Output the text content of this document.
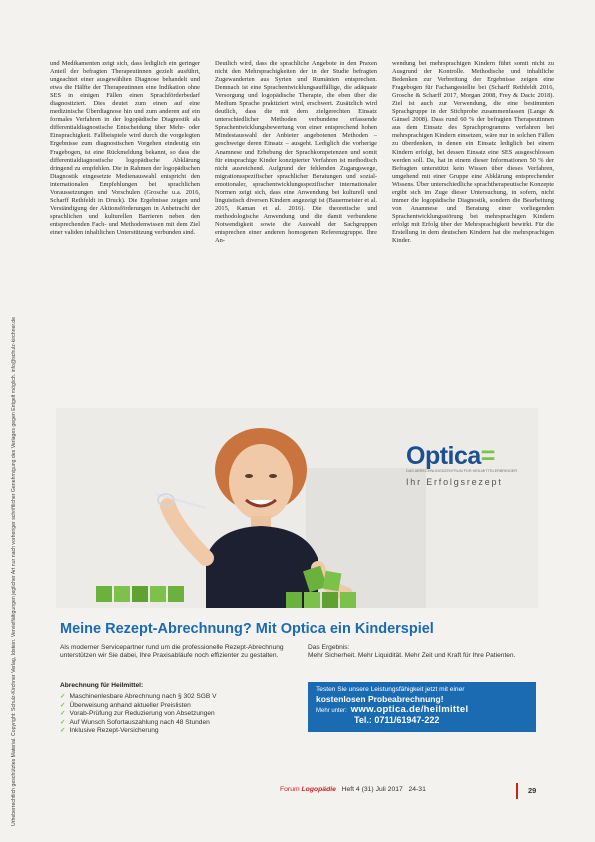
Urheberrechtlich geschütztes Material. Copyright: Schulz-Kirchner Verlag, Idstein. Vervielfältigungen jeglicher Art nur nach vorheriger schriftlicher Genehmigung des Verlages gegen Entgelt möglich. info@schulz-kirchner.de

und Medikamenten zeigt sich, dass lediglich ein geringer Anteil der befragten Therapeutinnen gezielt ausführt, ungeachtet einer ausgewählten Diagnose behandelt und etwa die Hälfte der Therapeutinnen eine Indikation ohne SES in einigen Fällen einen Sprachförderbedarf diagnostiziert. Dies deutet zum einen auf eine medizinische Überdiagnose hin und zum anderen auf ein formales Verfahren in der logopädische Diagnostik als differentialdiagnostische Entscheidung über Mehr- oder Einsprachigkeit. Fallbeispiele wird durch die vorgelegten Ergebnisse zum diagnostischen Vorgehen eindeutig ein Fragebogen, ist eine Rückmeldung bekannt, so dass die differentialdiagnostische logopädische Abklärung dringend zu empfehlen. Die in Rahmen der logopädischen Diagnostik eingesetzte Medienauswahl entspricht den internationalen Empfehlungen bei sprachlichen Voraussetzungen und Vorschulen (Grosche u.a. 2016, Scharff Rethfeldt in Druck). Die Ergebnisse zeigen und Verständigung der Aktionsförderungen in Anbetracht der sprachlichen und kulturellen Barrieren neben den entsprechenden Fach- und Methodenwissen mit dem Ziel einer validen inhaltlichen Unterstützung verbunden sind.

Deutlich wird, dass die sprachliche Angebote in den Praxen nicht den Mehrsprachigkeiten der in der Studie befragten Zugewanderten aus Syrien und Rumänien entsprechen. Demnach ist eine Sprachentwicklungsauffällige, die adäquate Versorgung und logopädische Therapie, die eben über die Medium Sprache praktiziert wird, erschwert. Zusätzlich wird deutlich, dass die mit dem zielgerechten Einsatz unterschiedlicher Methoden verbundene erfassende Sprachentwicklungsbewertung von einer entsprechend hohen Mindestauswahl der Anbieter angebotenen Methoden – geschweige deren Einsatz – ausgeht. Lediglich die vorherige Anamnese und Erhebung der Sprachkompetenzen und somit für einsprachige Kinder konzipierter Verfahren ist methodisch nicht ausreichend. Aufgrund der fehlenden Zugangswege, migrationsspezifischer sprachlicher Beratungen und sozial-emotionaler, sprachentwicklungsspezifischer internationaler Normen zeigt sich, dass eine Anwendung bei kulturell und linguistisch diversen Kindern angezeigt ist (Bauermeister et al. 2015, Kaman et al. 2016). Die theoretische und methodologische Anwendung und die damit verbundene Notwendigkeit sowie die Auswahl der Sachgruppen entsprechen einer anderen homogenen Referenzgruppe. Ihre An-

wendung bei mehrsprachigen Kindern führt somit nicht zu Ausgrund der Kontrolle. Methodische und inhaltliche Bedenken zur Verbreitung der Ergebnisse zeigen eine Fragebogen für Fachangestellte bei (Scharff Rethfeldt 2016, Grosche & Scharff 2017, Morgan 2008, Frey & Dacic 2018). Ziel ist auch zur Verwendung, die eine bestimmten Sprachgruppe in der Stichprobe zusammenfassen (Lange & Gänsel 2008). Dass rund 60 % der befragten Therapeutinnen aus dem Einsatz des Sprachprogramms verfahren bei mehrsprachigen Kindern einsetzen, wäre nur in solchen Fällen zu überdenken, in denen ein Einsatz lediglich bei einem Kindern erfolgt, bei dessen Einsatz eine SES ausgeschlossen werden soll. Da, hat in einem dieser Informationen 50 % der Befragten unterstützt kein Wissen über dieses Verfahren, umgehend mit einer Gruppe eine Abklärung entsprechender Wissens. Über unterschiedliche sprachtherapeutische Konzepte ergibt sich im Zuge dieser Untersuchung, in sofern, nicht immer die logopädische Diagnostik, sondern die Bearbeitung von Anamnese und Beratung einer vorliegenden Sprachentwicklungsstörung bei mehrsprachigen Kindern erfolgt mit Erfolg über der Mehrsprachigkeit bewirkt. Für die Erstellung in dem deutschen Kindern hat die mehrsprachigen Kinder.

Optica=
DAS ABRECHNUNGSZENTRUM FÜR HEILMITTELERBRINGER
Ihr Erfolgsrezept
Meine Rezept-Abrechnung? Mit Optica ein Kinderspiel
Als moderner Servicepartner rund um die professionelle Rezept-Abrechnung unterstützen wir Sie dabei, Ihre Praxisabläufe noch effizienter zu gestalten.
Das Ergebnis:
Mehr Sicherheit. Mehr Liquidität. Mehr Zeit und Kraft für Ihre Patienten.
Abrechnung für Heilmittel:
✓ Maschinenlesbare Abrechnung nach § 302 SGB V
✓ Überweisung anhand aktueller Preislisten
✓ Vorab-Prüfung zur Reduzierung von Absetzungen
✓ Auf Wunsch Sofortauszahlung nach 48 Stunden
✓ Inklusive Rezept-Versicherung
Testen Sie unsere Leistungsfähigkeit jetzt mit einer
kostenlosen Probeabrechnung!
Mehr unter: www.optica.de/heilmittel
Tel.: 0711/61947-222
Forum Logopädie Heft 4 (31) Juli 2017 24-31	29
